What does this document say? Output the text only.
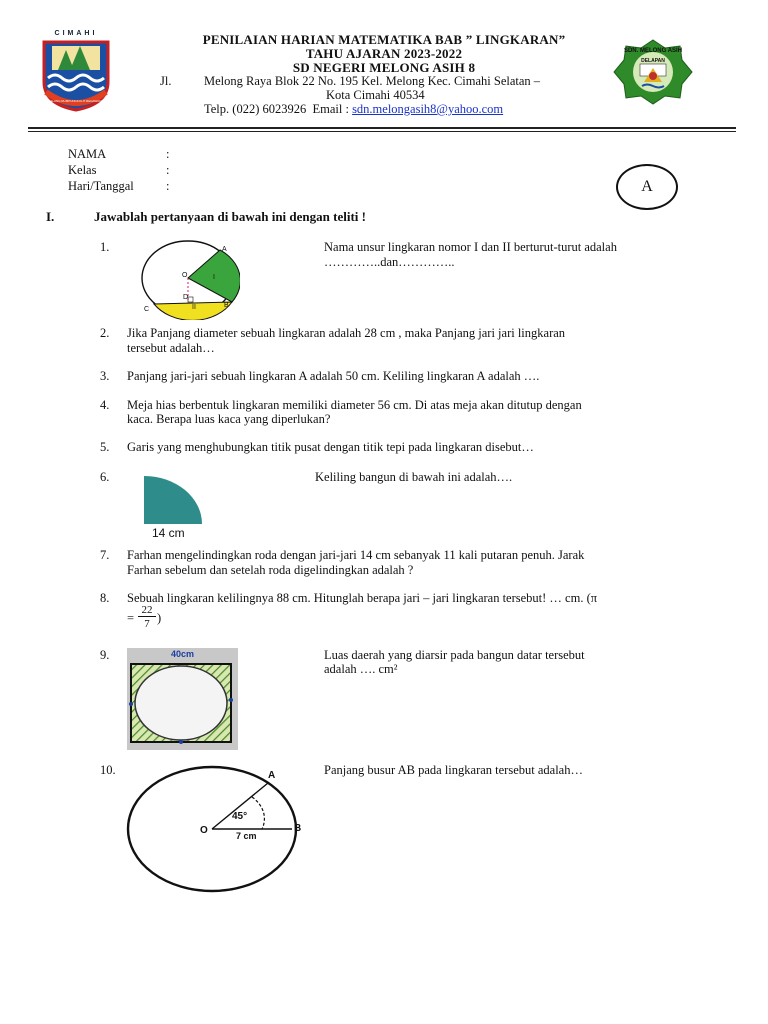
CIMAHI
BALUNG RUMPUNGKULIT REGAWANG
PENILAIAN HARIAN MATEMATIKA BAB ” LINGKARAN”
TAHU AJARAN 2023-2022
SD NEGERI MELONG ASIH 8
Jl.	Melong Raya Blok 22 No. 195 Kel. Melong Kec. Cimahi Selatan –
Kota Cimahi 40534
Telp. (022) 6023926  Email : sdn.melongasih8@yahoo.com
SDN. MELONG ASIH
DELAPAN
NAMA	:
Kelas	:
Hari/Tanggal	:	A
I.	Jawablah pertanyaan di bawah ini dengan teliti !
1.	A
O	I
D
II	B
C
Nama unsur lingkaran nomor I dan II berturut-turut adalah
…………..dan…………..
2. Jika Panjang diameter sebuah lingkaran adalah 28 cm , maka Panjang jari jari lingkaran
tersebut adalah…
3. Panjang jari-jari sebuah lingkaran A adalah 50 cm. Keliling lingkaran A adalah ….
4. Meja hias berbentuk lingkaran memiliki diameter 56 cm. Di atas meja akan ditutup dengan
kaca. Berapa luas kaca yang diperlukan?
5. Garis yang menghubungkan titik pusat dengan titik tepi pada lingkaran disebut…
6.
14 cm
Keliling bangun di bawah ini adalah….
7. Farhan mengelindingkan roda dengan jari-jari 14 cm sebanyak 11 kali putaran penuh. Jarak
Farhan sebelum dan setelah roda digelindingkan adalah ?
8. Sebuah lingkaran kelilingnya 88 cm. Hitunglah berapa jari – jari lingkaran tersebut! … cm. (π
=
22
7 )
9.	40cm	Luas daerah yang diarsir pada bangun datar tersebut
adalah …. cm²
10.	A
B
O
45°
7 cm
Panjang busur AB pada lingkaran tersebut adalah…
